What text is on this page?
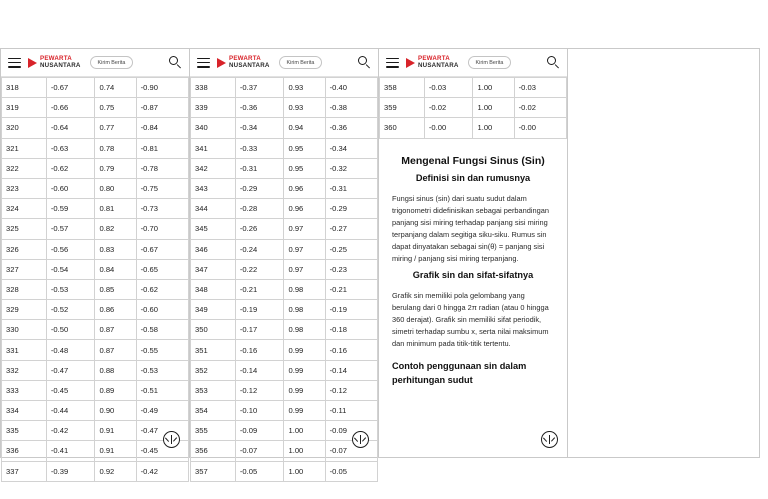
PEWARTA
NUSANTARA	Kirim Berita
318	-0.67	0.74	-0.90
319	-0.66	0.75	-0.87
320	-0.64	0.77	-0.84
321	-0.63	0.78	-0.81
322	-0.62	0.79	-0.78
323	-0.60	0.80	-0.75
324	-0.59	0.81	-0.73
325	-0.57	0.82	-0.70
326	-0.56	0.83	-0.67
327	-0.54	0.84	-0.65
328	-0.53	0.85	-0.62
329	-0.52	0.86	-0.60
330	-0.50	0.87	-0.58
331	-0.48	0.87	-0.55
332	-0.47	0.88	-0.53
333	-0.45	0.89	-0.51
334	-0.44	0.90	-0.49
335	-0.42	0.91	-0.47
336	-0.41	0.91	-0.45
337	-0.39	0.92	-0.42
PEWARTA
NUSANTARA	Kirim Berita
338	-0.37	0.93	-0.40
339	-0.36	0.93	-0.38
340	-0.34	0.94	-0.36
341	-0.33	0.95	-0.34
342	-0.31	0.95	-0.32
343	-0.29	0.96	-0.31
344	-0.28	0.96	-0.29
345	-0.26	0.97	-0.27
346	-0.24	0.97	-0.25
347	-0.22	0.97	-0.23
348	-0.21	0.98	-0.21
349	-0.19	0.98	-0.19
350	-0.17	0.98	-0.18
351	-0.16	0.99	-0.16
352	-0.14	0.99	-0.14
353	-0.12	0.99	-0.12
354	-0.10	0.99	-0.11
355	-0.09	1.00	-0.09
356	-0.07	1.00	-0.07
357	-0.05	1.00	-0.05
PEWARTA
NUSANTARA	Kirim Berita
358	-0.03	1.00	-0.03
359	-0.02	1.00	-0.02
360	-0.00	1.00	-0.00
Mengenal Fungsi Sinus (Sin)
Definisi sin dan rumusnya

Fungsi sinus (sin) dari suatu sudut dalam trigonometri didefinisikan sebagai perbandingan panjang sisi miring terhadap panjang sisi miring terpanjang dalam segitiga siku-siku. Rumus sin dapat dinyatakan sebagai sin(θ) = panjang sisi miring / panjang sisi miring terpanjang.

Grafik sin dan sifat-sifatnya

Grafik sin memiliki pola gelombang yang berulang dari 0 hingga 2π radian (atau 0 hingga 360 derajat). Grafik sin memiliki sifat periodik, simetri terhadap sumbu x, serta nilai maksimum dan minimum pada titik-titik tertentu.

Contoh penggunaan sin dalam perhitungan sudut
